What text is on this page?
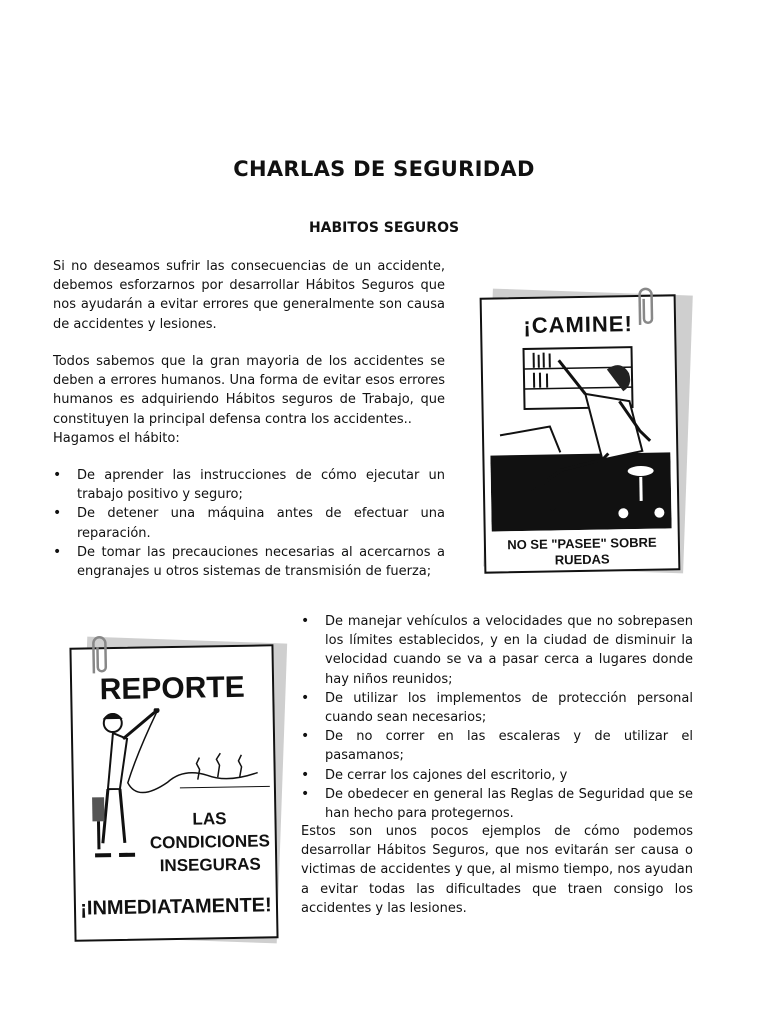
CHARLAS DE SEGURIDAD
HABITOS SEGUROS
Si no deseamos sufrir las consecuencias de un accidente, debemos esforzarnos por desarrollar Hábitos Seguros que nos ayudarán a evitar errores que generalmente son causa de accidentes y lesiones.
Todos sabemos que la gran mayoria de los accidentes se deben a errores humanos. Una forma de evitar esos errores humanos es adquiriendo Hábitos seguros de Trabajo, que constituyen la principal defensa contra los accidentes..
Hagamos el hábito:
• De aprender las instrucciones de cómo ejecutar un trabajo positivo y seguro;
• De detener una máquina antes de efectuar una reparación.
• De tomar las precauciones necesarias al acercarnos a engranajes u otros sistemas de transmisión de fuerza;
¡CAMINE!
NO SE "PASEE" SOBRE
RUEDAS
REPORTE
LAS
CONDICIONES
INSEGURAS
¡INMEDIATAMENTE!
• De manejar vehículos a velocidades que no sobrepasen los límites establecidos, y en la ciudad de disminuir la velocidad cuando se va a pasar cerca a lugares donde hay niños reunidos;
• De utilizar los implementos de protección personal cuando sean necesarios;
• De no correr en las escaleras y de utilizar el pasamanos;
• De cerrar los cajones del escritorio, y
• De obedecer en general las Reglas de Seguridad que se han hecho para protegernos.
Estos son unos pocos ejemplos de cómo podemos desarrollar Hábitos Seguros, que nos evitarán ser causa o victimas de accidentes y que, al mismo tiempo, nos ayudan a evitar todas las dificultades que traen consigo los accidentes y las lesiones.
